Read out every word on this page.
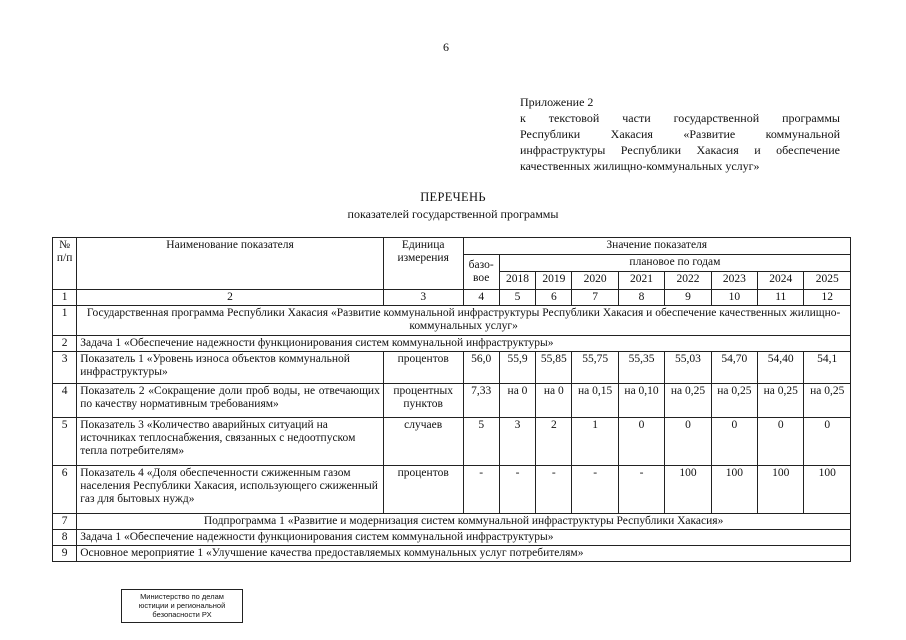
6
Приложение 2
к текстовой части государственной программы
Республики Хакасия «Развитие коммунальной
инфраструктуры Республики Хакасия и обеспечение
качественных жилищно-коммунальных услуг»
ПЕРЕЧЕНЬ
показателей государственной программы
№ п/п	Наименование показателя	Единица измерения	Значение показателя								
			базо-вое	плановое по годам							
				2018	2019	2020	2021	2022	2023	2024	2025
1	2	3	4	5	6	7	8	9	10	11	12
1	Государственная программа Республики Хакасия «Развитие коммунальной инфраструктуры Республики Хакасия и обеспечение качественных жилищно-коммунальных услуг»										
2	Задача 1 «Обеспечение надежности функционирования систем коммунальной инфраструктуры»										
3	Показатель 1 «Уровень износа объектов коммунальной инфраструктуры»	процентов	56,0	55,9	55,85	55,75	55,35	55,03	54,70	54,40	54,1
4	Показатель 2 «Сокращение доли проб воды, не отвечающих по качеству нормативным требованиям»	процентных пунктов	7,33	на 0	на 0	на 0,15	на 0,10	на 0,25	на 0,25	на 0,25	на 0,25
5	Показатель 3 «Количество аварийных ситуаций на источниках теплоснабжения, связанных с недоотпуском тепла потребителям»	случаев	5	3	2	1	0	0	0	0	0
6	Показатель 4 «Доля обеспеченности сжиженным газом населения Республики Хакасия, использующего сжиженный газ для бытовых нужд»	процентов	-	-	-	-	-	100	100	100	100
7	Подпрограмма 1 «Развитие и модернизация систем коммунальной инфраструктуры Республики Хакасия»										
8	Задача 1 «Обеспечение надежности функционирования систем коммунальной инфраструктуры»										
9	Основное мероприятие 1 «Улучшение качества предоставляемых коммунальных услуг потребителям»										
Министерство по делам
юстиции и региональной
безопасности РХ
